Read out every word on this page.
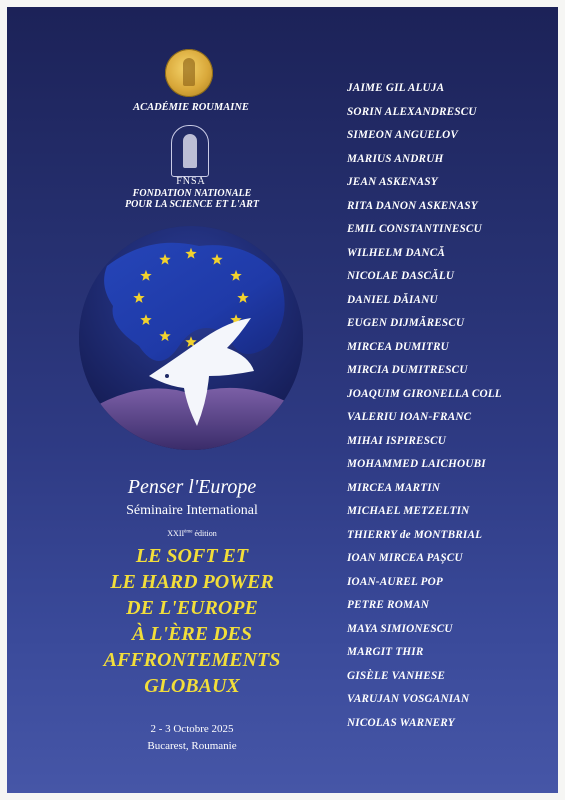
ACADÉMIE ROUMAINE
FNSA
FONDATION NATIONALE
POUR LA SCIENCE ET L'ART
Penser l'Europe
Séminaire International
XXIIème édition
LE SOFT ET
LE HARD POWER
DE L'EUROPE
À L'ÈRE DES
AFFRONTEMENTS
GLOBAUX
2 - 3 Octobre 2025
Bucarest, Roumanie
JAIME GIL ALUJA
SORIN ALEXANDRESCU
SIMEON ANGUELOV
MARIUS ANDRUH
JEAN ASKENASY
RITA DANON ASKENASY
EMIL CONSTANTINESCU
WILHELM DANCĂ
NICOLAE DASCĂLU
DANIEL DĂIANU
EUGEN DIJMĂRESCU
MIRCEA DUMITRU
MIRCIA DUMITRESCU
JOAQUIM GIRONELLA COLL
VALERIU IOAN-FRANC
MIHAI ISPIRESCU
MOHAMMED LAICHOUBI
MIRCEA MARTIN
MICHAEL METZELTIN
THIERRY de MONTBRIAL
IOAN MIRCEA PAȘCU
IOAN-AUREL POP
PETRE ROMAN
MAYA SIMIONESCU
MARGIT THIR
GISÈLE VANHESE
VARUJAN VOSGANIAN
NICOLAS WARNERY
